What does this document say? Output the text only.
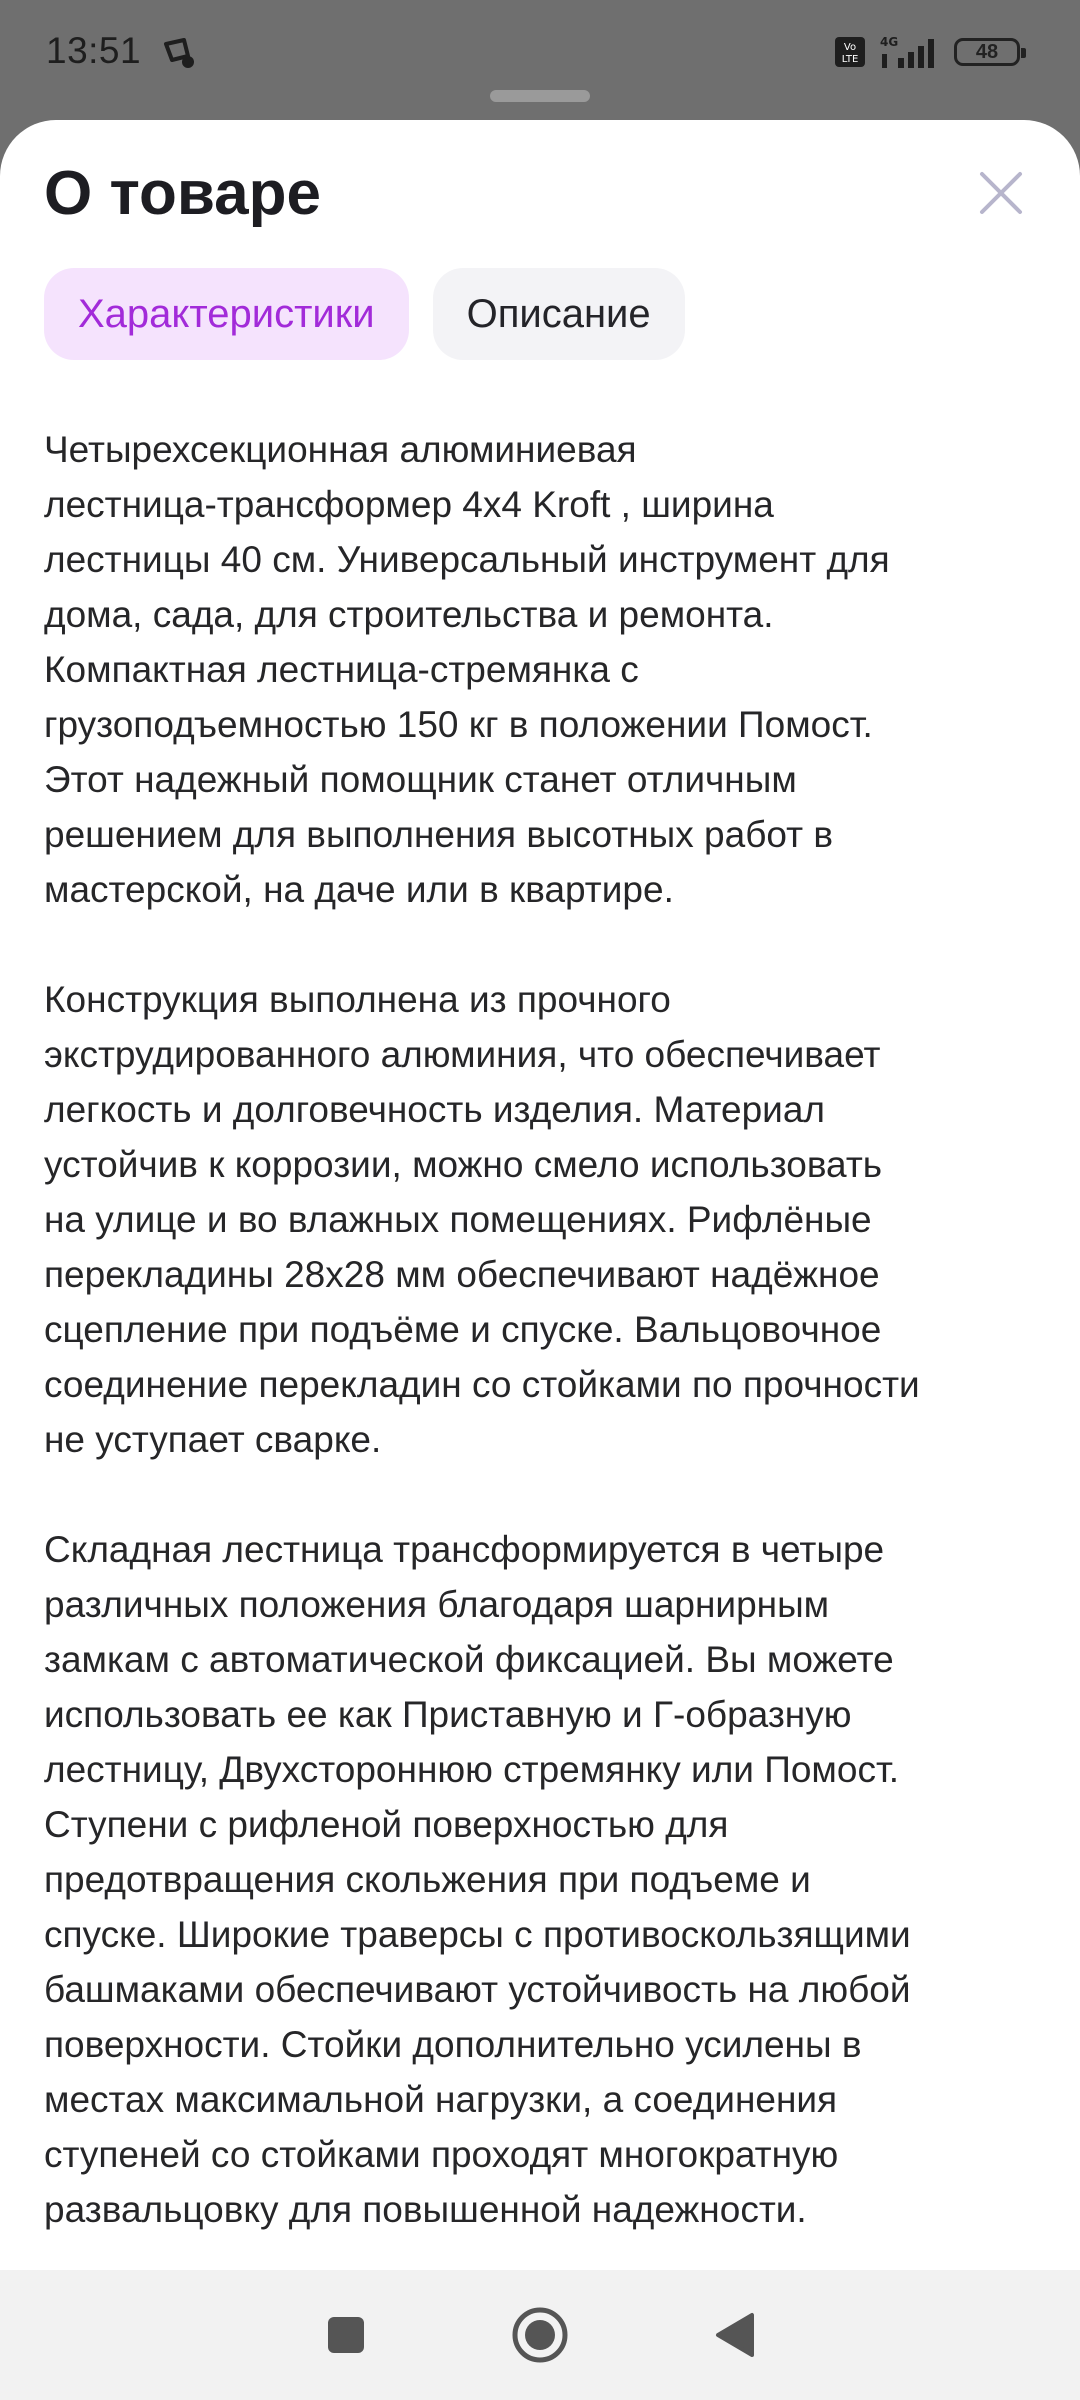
13:51	Vo
LTE
4G	48
О товаре
Характеристики	Описание

Четырехсекционная алюминиевая
лестница-трансформер 4х4 Kroft , ширина
лестницы 40 см. Универсальный инструмент для
дома, сада, для строительства и ремонта.
Компактная лестница-стремянка с
грузоподъемностью 150 кг в положении Помост.
Этот надежный помощник станет отличным
решением для выполнения высотных работ в
мастерской, на даче или в квартире.

Конструкция выполнена из прочного
экструдированного алюминия, что обеспечивает
легкость и долговечность изделия. Материал
устойчив к коррозии, можно смело использовать
на улице и во влажных помещениях. Рифлёные
перекладины 28х28 мм обеспечивают надёжное
сцепление при подъёме и спуске. Вальцовочное
соединение перекладин со стойками по прочности
не уступает сварке.

Складная лестница трансформируется в четыре
различных положения благодаря шарнирным
замкам с автоматической фиксацией. Вы можете
использовать ее как Приставную и Г-образную
лестницу, Двухстороннюю стремянку или Помост.
Ступени с рифленой поверхностью для
предотвращения скольжения при подъеме и
спуске. Широкие траверсы с противоскользящими
башмаками обеспечивают устойчивость на любой
поверхности. Стойки дополнительно усилены в
местах максимальной нагрузки, а соединения
ступеней со стойками проходят многократную
развальцовку для повышенной надежности.
